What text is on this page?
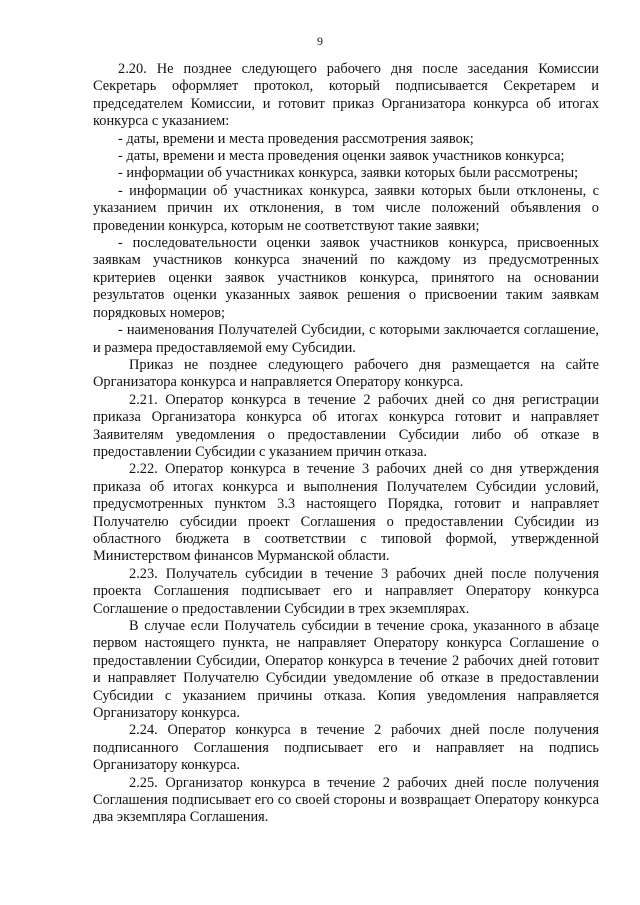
9

2.20. Не позднее следующего рабочего дня после заседания Комиссии Секретарь оформляет протокол, который подписывается Секретарем и председателем Комиссии, и готовит приказ Организатора конкурса об итогах конкурса с указанием:

- даты, времени и места проведения рассмотрения заявок;

- даты, времени и места проведения оценки заявок участников конкурса;

- информации об участниках конкурса, заявки которых были рассмотрены;

- информации об участниках конкурса, заявки которых были отклонены, с указанием причин их отклонения, в том числе положений объявления о проведении конкурса, которым не соответствуют такие заявки;

- последовательности оценки заявок участников конкурса, присвоенных заявкам участников конкурса значений по каждому из предусмотренных критериев оценки заявок участников конкурса, принятого на основании результатов оценки указанных заявок решения о присвоении таким заявкам порядковых номеров;

- наименования Получателей Субсидии, с которыми заключается соглашение, и размера предоставляемой ему Субсидии.

Приказ не позднее следующего рабочего дня размещается на сайте Организатора конкурса и направляется Оператору конкурса.

2.21. Оператор конкурса в течение 2 рабочих дней со дня регистрации приказа Организатора конкурса об итогах конкурса готовит и направляет Заявителям уведомления о предоставлении Субсидии либо об отказе в предоставлении Субсидии с указанием причин отказа.

2.22. Оператор конкурса в течение 3 рабочих дней со дня утверждения приказа об итогах конкурса и выполнения Получателем Субсидии условий, предусмотренных пунктом 3.3 настоящего Порядка, готовит и направляет Получателю субсидии проект Соглашения о предоставлении Субсидии из областного бюджета в соответствии с типовой формой, утвержденной Министерством финансов Мурманской области.

2.23. Получатель субсидии в течение 3 рабочих дней после получения проекта Соглашения подписывает его и направляет Оператору конкурса Соглашение о предоставлении Субсидии в трех экземплярах.

В случае если Получатель субсидии в течение срока, указанного в абзаце первом настоящего пункта, не направляет Оператору конкурса Соглашение о предоставлении Субсидии, Оператор конкурса в течение 2 рабочих дней готовит и направляет Получателю Субсидии уведомление об отказе в предоставлении Субсидии с указанием причины отказа. Копия уведомления направляется Организатору конкурса.

2.24. Оператор конкурса в течение 2 рабочих дней после получения подписанного Соглашения подписывает его и направляет на подпись Организатору конкурса.

2.25. Организатор конкурса в течение 2 рабочих дней после получения Соглашения подписывает его со своей стороны и возвращает Оператору конкурса два экземпляра Соглашения.
